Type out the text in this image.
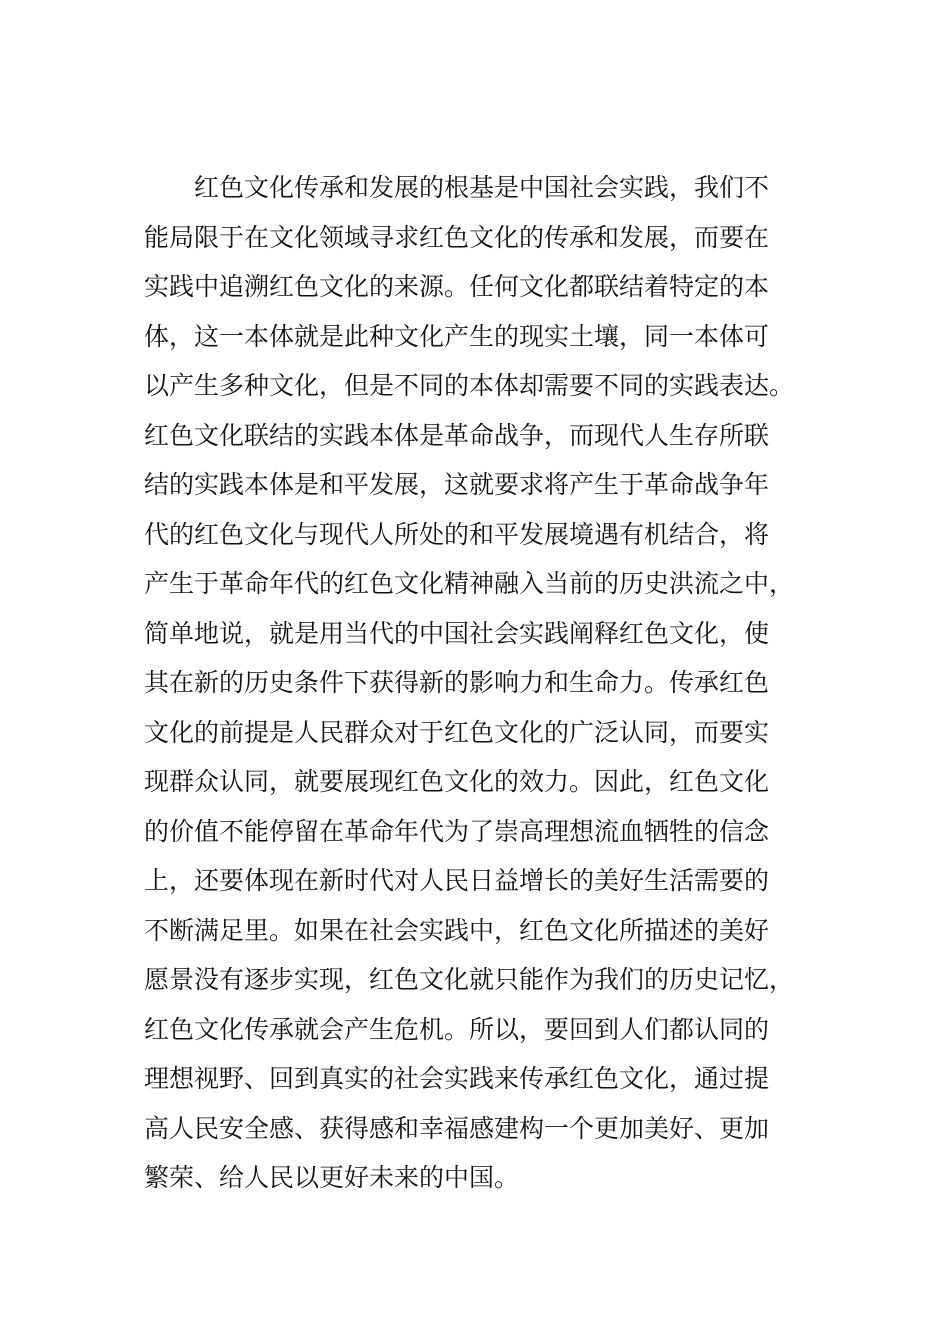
红色文化传承和发展的根基是中国社会实践，我们不
能局限于在文化领域寻求红色文化的传承和发展，而要在
实践中追溯红色文化的来源。任何文化都联结着特定的本
体，这一本体就是此种文化产生的现实土壤，同一本体可
以产生多种文化，但是不同的本体却需要不同的实践表达。
红色文化联结的实践本体是革命战争，而现代人生存所联
结的实践本体是和平发展，这就要求将产生于革命战争年
代的红色文化与现代人所处的和平发展境遇有机结合，将
产生于革命年代的红色文化精神融入当前的历史洪流之中，
简单地说，就是用当代的中国社会实践阐释红色文化，使
其在新的历史条件下获得新的影响力和生命力。传承红色
文化的前提是人民群众对于红色文化的广泛认同，而要实
现群众认同，就要展现红色文化的效力。因此，红色文化
的价值不能停留在革命年代为了崇高理想流血牺牲的信念
上，还要体现在新时代对人民日益增长的美好生活需要的
不断满足里。如果在社会实践中，红色文化所描述的美好
愿景没有逐步实现，红色文化就只能作为我们的历史记忆，
红色文化传承就会产生危机。所以，要回到人们都认同的
理想视野、回到真实的社会实践来传承红色文化，通过提
高人民安全感、获得感和幸福感建构一个更加美好、更加
繁荣、给人民以更好未来的中国。
